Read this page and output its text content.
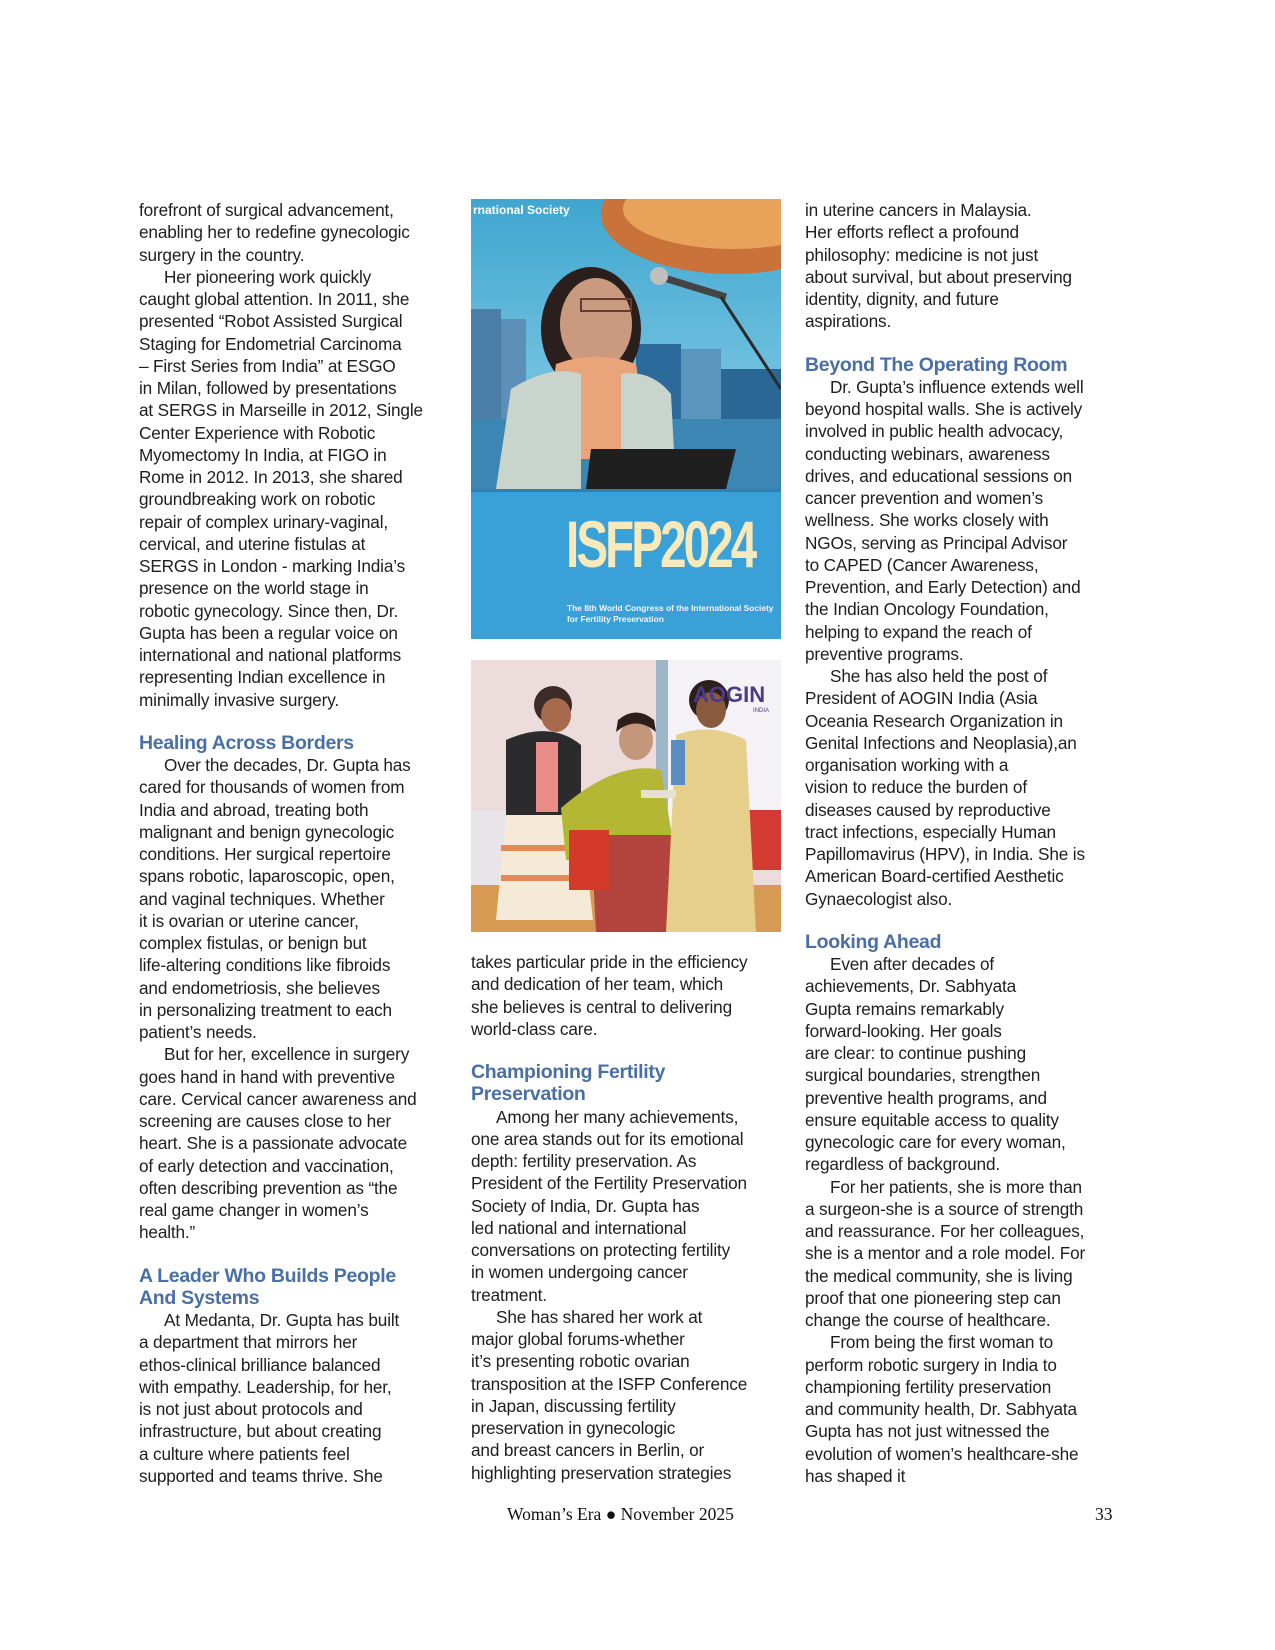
forefront of surgical advancement,
enabling her to redefine gynecologic
surgery in the country.
Her pioneering work quickly
caught global attention. In 2011, she
presented “Robot Assisted Surgical
Staging for Endometrial Carcinoma
– First Series from India” at ESGO
in Milan, followed by presentations
at SERGS in Marseille in 2012, Single
Center Experience with Robotic
Myomectomy In India, at FIGO in
Rome in 2012. In 2013, she shared
groundbreaking work on robotic
repair of complex urinary-vaginal,
cervical, and uterine fistulas at
SERGS in London - marking India’s
presence on the world stage in
robotic gynecology. Since then, Dr.
Gupta has been a regular voice on
international and national platforms
representing Indian excellence in
minimally invasive surgery.
Healing Across Borders
Over the decades, Dr. Gupta has
cared for thousands of women from
India and abroad, treating both
malignant and benign gynecologic
conditions. Her surgical repertoire
spans robotic, laparoscopic, open,
and vaginal techniques. Whether
it is ovarian or uterine cancer,
complex fistulas, or benign but
life-altering conditions like fibroids
and endometriosis, she believes
in personalizing treatment to each
patient’s needs.
But for her, excellence in surgery
goes hand in hand with preventive
care. Cervical cancer awareness and
screening are causes close to her
heart. She is a passionate advocate
of early detection and vaccination,
often describing prevention as “the
real game changer in women’s
health.”
A Leader Who Builds People
And Systems
At Medanta, Dr. Gupta has built
a department that mirrors her
ethos-clinical brilliance balanced
with empathy. Leadership, for her,
is not just about protocols and
infrastructure, but about creating
a culture where patients feel
supported and teams thrive. She
rnational Society
ISFP2024
The 8th World Congress of the International Society
for Fertility Preservation
AOGIN
INDIA
takes particular pride in the efficiency
and dedication of her team, which
she believes is central to delivering
world-class care.
Championing Fertility
Preservation
Among her many achievements,
one area stands out for its emotional
depth: fertility preservation. As
President of the Fertility Preservation
Society of India, Dr. Gupta has
led national and international
conversations on protecting fertility
in women undergoing cancer
treatment.
She has shared her work at
major global forums-whether
it’s presenting robotic ovarian
transposition at the ISFP Conference
in Japan, discussing fertility
preservation in gynecologic
and breast cancers in Berlin, or
highlighting preservation strategies
in uterine cancers in Malaysia.
Her efforts reflect a profound
philosophy: medicine is not just
about survival, but about preserving
identity, dignity, and future
aspirations.
Beyond The Operating Room
Dr. Gupta’s influence extends well
beyond hospital walls. She is actively
involved in public health advocacy,
conducting webinars, awareness
drives, and educational sessions on
cancer prevention and women’s
wellness. She works closely with
NGOs, serving as Principal Advisor
to CAPED (Cancer Awareness,
Prevention, and Early Detection) and
the Indian Oncology Foundation,
helping to expand the reach of
preventive programs.
She has also held the post of
President of AOGIN India (Asia
Oceania Research Organization in
Genital Infections and Neoplasia),an
organisation working with a
vision to reduce the burden of
diseases caused by reproductive
tract infections, especially Human
Papillomavirus (HPV), in India. She is
American Board-certified Aesthetic
Gynaecologist also.
Looking Ahead
Even after decades of
achievements, Dr. Sabhyata
Gupta remains remarkably
forward-looking. Her goals
are clear: to continue pushing
surgical boundaries, strengthen
preventive health programs, and
ensure equitable access to quality
gynecologic care for every woman,
regardless of background.
For her patients, she is more than
a surgeon-she is a source of strength
and reassurance. For her colleagues,
she is a mentor and a role model. For
the medical community, she is living
proof that one pioneering step can
change the course of healthcare.
From being the first woman to
perform robotic surgery in India to
championing fertility preservation
and community health, Dr. Sabhyata
Gupta has not just witnessed the
evolution of women’s healthcare-she
has shaped it
Woman’s Era ● November 2025	33
